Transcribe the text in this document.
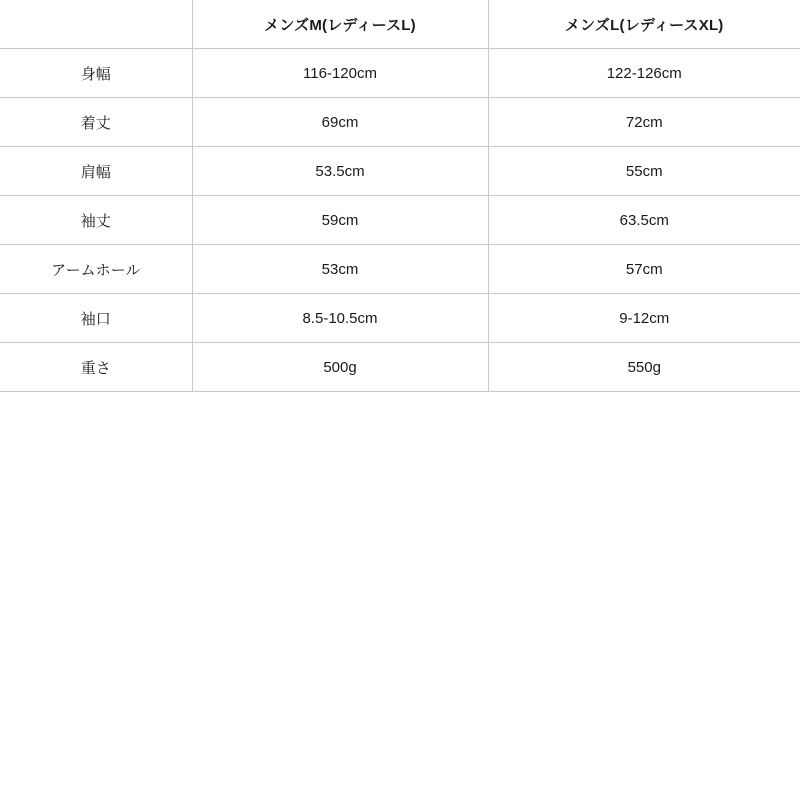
	メンズM(レディースL)	メンズL(レディースXL)
身幅	116-120cm	122-126cm
着丈	69cm	72cm
肩幅	53.5cm	55cm
袖丈	59cm	63.5cm
アームホール	53cm	57cm
袖口	8.5-10.5cm	9-12cm
重さ	500g	550g
